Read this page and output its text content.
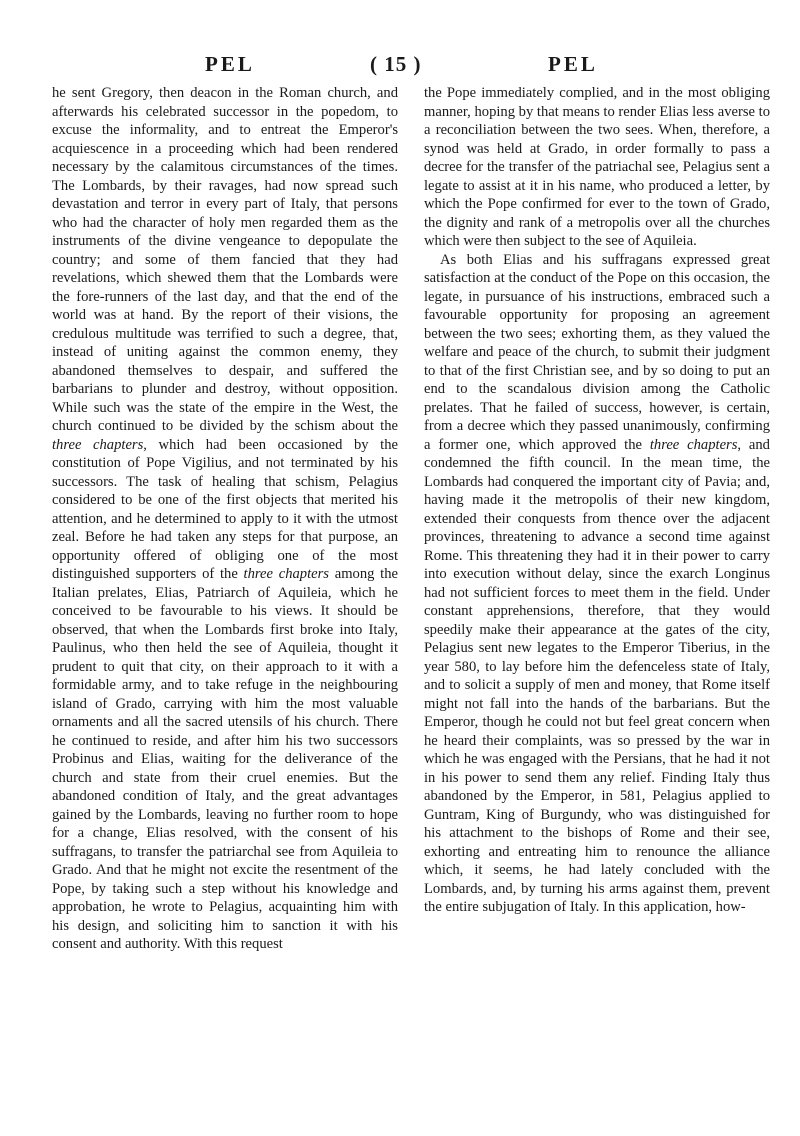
PEL	( 15 )	PEL

he sent Gregory, then deacon in the Roman church, and afterwards his celebrated successor in the popedom, to excuse the informality, and to entreat the Emperor's acquiescence in a proceeding which had been rendered necessary by the calamitous circumstances of the times. The Lombards, by their ravages, had now spread such devastation and terror in every part of Italy, that persons who had the character of holy men regarded them as the instruments of the divine vengeance to depopulate the country; and some of them fancied that they had revelations, which shewed them that the Lombards were the fore-runners of the last day, and that the end of the world was at hand. By the report of their visions, the credulous multitude was terrified to such a degree, that, instead of uniting against the common enemy, they abandoned themselves to despair, and suffered the barbarians to plunder and destroy, without opposition. While such was the state of the empire in the West, the church continued to be divided by the schism about the three chapters, which had been occasioned by the constitution of Pope Vigilius, and not terminated by his successors. The task of healing that schism, Pelagius considered to be one of the first objects that merited his attention, and he determined to apply to it with the utmost zeal. Before he had taken any steps for that purpose, an opportunity offered of obliging one of the most distinguished supporters of the three chapters among the Italian prelates, Elias, Patriarch of Aquileia, which he conceived to be favourable to his views. It should be observed, that when the Lombards first broke into Italy, Paulinus, who then held the see of Aquileia, thought it prudent to quit that city, on their approach to it with a formidable army, and to take refuge in the neighbouring island of Grado, carrying with him the most valuable ornaments and all the sacred utensils of his church. There he continued to reside, and after him his two successors Probinus and Elias, waiting for the deliverance of the church and state from their cruel enemies. But the abandoned condition of Italy, and the great advantages gained by the Lombards, leaving no further room to hope for a change, Elias resolved, with the consent of his suffragans, to transfer the patriarchal see from Aquileia to Grado. And that he might not excite the resentment of the Pope, by taking such a step without his knowledge and approbation, he wrote to Pelagius, acquainting him with his design, and soliciting him to sanction it with his consent and authority. With this request

the Pope immediately complied, and in the most obliging manner, hoping by that means to render Elias less averse to a reconciliation between the two sees. When, therefore, a synod was held at Grado, in order formally to pass a decree for the transfer of the patriachal see, Pelagius sent a legate to assist at it in his name, who produced a letter, by which the Pope confirmed for ever to the town of Grado, the dignity and rank of a metropolis over all the churches which were then subject to the see of Aquileia.

As both Elias and his suffragans expressed great satisfaction at the conduct of the Pope on this occasion, the legate, in pursuance of his instructions, embraced such a favourable opportunity for proposing an agreement between the two sees; exhorting them, as they valued the welfare and peace of the church, to submit their judgment to that of the first Christian see, and by so doing to put an end to the scandalous division among the Catholic prelates. That he failed of success, however, is certain, from a decree which they passed unanimously, confirming a former one, which approved the three chapters, and condemned the fifth council. In the mean time, the Lombards had conquered the important city of Pavia; and, having made it the metropolis of their new kingdom, extended their conquests from thence over the adjacent provinces, threatening to advance a second time against Rome. This threatening they had it in their power to carry into execution without delay, since the exarch Longinus had not sufficient forces to meet them in the field. Under constant apprehensions, therefore, that they would speedily make their appearance at the gates of the city, Pelagius sent new legates to the Emperor Tiberius, in the year 580, to lay before him the defenceless state of Italy, and to solicit a supply of men and money, that Rome itself might not fall into the hands of the barbarians. But the Emperor, though he could not but feel great concern when he heard their complaints, was so pressed by the war in which he was engaged with the Persians, that he had it not in his power to send them any relief. Finding Italy thus abandoned by the Emperor, in 581, Pelagius applied to Guntram, King of Burgundy, who was distinguished for his attachment to the bishops of Rome and their see, exhorting and entreating him to renounce the alliance which, it seems, he had lately concluded with the Lombards, and, by turning his arms against them, prevent the entire subjugation of Italy. In this application, how-
